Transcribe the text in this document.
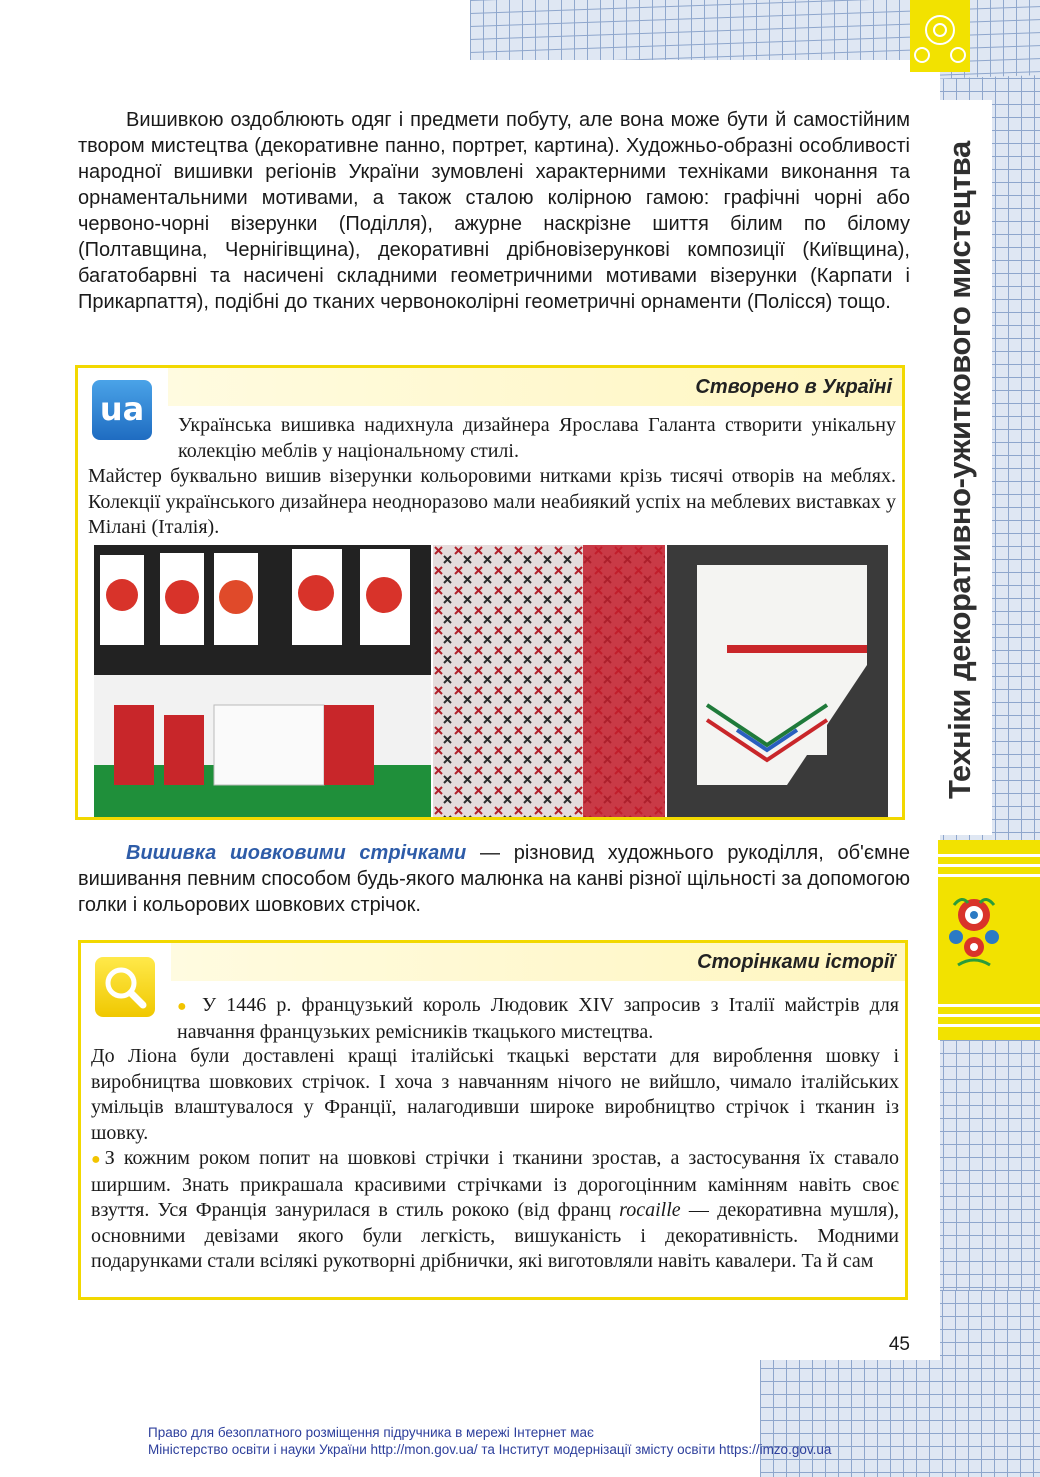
Техніки декоративно-ужиткового мистецтва

Вишивкою оздоблюють одяг і предмети побуту, але вона може бути й самостійним твором мистецтва (декоративне панно, портрет, картина). Художньо-образні особливості народної вишивки регіонів України зумовлені характерними техніками виконання та орнаментальними мотивами, а також сталою колірною гамою: графічні чорні або червоно-чорні візерунки (Поділля), ажурне наскрізне шиття білим по білому (Полтавщина, Чернігівщина), декоративні дрібновізерункові композиції (Київщина), багатобарвні та насичені складними геометричними мотивами візерунки (Карпати і Прикарпаття), подібні до тканих червоноколірні геометричні орнаменти (Полісся) тощо.

Створено в Україні
ua	Українська вишивка надихнула дизайнера Ярослава Галанта створити унікальну колекцію меблів у національному стилі.

Майстер буквально вишив візерунки кольоровими нитками крізь тисячі отворів на меблях. Колекції українського дизайнера неодноразово мали неабиякий успіх на меблевих виставках у Мілані (Італія).

Вишивка шовковими стрічками — різновид художнього рукоділля, об'ємне вишивання певним способом будь-якого малюнка на канві різної щільності за допомогою голки і кольорових шовкових стрічок.

Сторінками історії

● У 1446 р. французький король Людовик XIV запросив з Італії майстрів для навчання французьких ремісників ткацького мистецтва.

До Ліона були доставлені кращі італійські ткацькі верстати для вироблення шовку і виробництва шовкових стрічок. І хоча з навчанням нічого не вийшло, чимало італійських умільців влаштувалося у Франції, налагодивши широке виробництво стрічок і тканин із шовку.

●З кожним роком попит на шовкові стрічки і тканини зростав, а застосування їх ставало ширшим. Знать прикрашала красивими стрічками із дорогоцінним камінням навіть своє взуття. Уся Франція занурилася в стиль рококо (від франц rocaille — декоративна мушля), основними девізами якого були легкість, вишуканість і декоративність. Модними подарунками стали всілякі рукотворні дрібнички, які виготовляли навіть кавалери. Та й сам

45
Право для безоплатного розміщення підручника в мережі Інтернет має
Міністерство освіти і науки України http://mon.gov.ua/ та Інститут модернізації змісту освіти https://imzo.gov.ua
